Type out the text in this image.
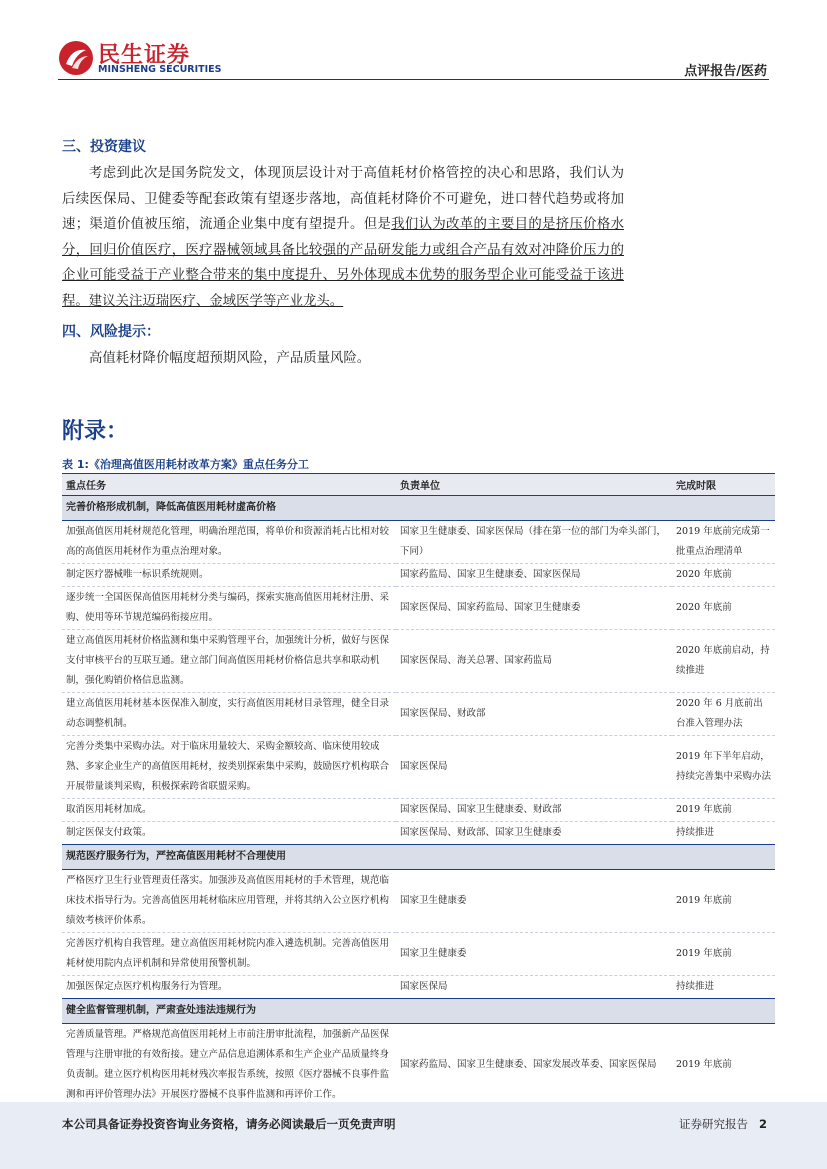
民生证券
MINSHENG SECURITIES	点评报告/医药
三、投资建议
考虑到此次是国务院发文，体现顶层设计对于高值耗材价格管控的决心和思路，我们认为后续医保局、卫健委等配套政策有望逐步落地，高值耗材降价不可避免，进口替代趋势或将加速；渠道价值被压缩，流通企业集中度有望提升。但是我们认为改革的主要目的是挤压价格水分，回归价值医疗，医疗器械领域具备比较强的产品研发能力或组合产品有效对冲降价压力的企业可能受益于产业整合带来的集中度提升、另外体现成本优势的服务型企业可能受益于该进程。建议关注迈瑞医疗、金域医学等产业龙头。
四、风险提示：
高值耗材降价幅度超预期风险，产品质量风险。
附录：
表 1:《治理高值医用耗材改革方案》重点任务分工
重点任务	负责单位	完成时限
完善价格形成机制，降低高值医用耗材虚高价格		
加强高值医用耗材规范化管理，明确治理范围，将单价和资源消耗占比相对较高的高值医用耗材作为重点治理对象。	国家卫生健康委、国家医保局（排在第一位的部门为牵头部门，下同）	2019 年底前完成第一批重点治理清单
制定医疗器械唯一标识系统规则。	国家药监局、国家卫生健康委、国家医保局	2020 年底前
逐步统一全国医保高值医用耗材分类与编码，探索实施高值医用耗材注册、采购、使用等环节规范编码衔接应用。	国家医保局、国家药监局、国家卫生健康委	2020 年底前
建立高值医用耗材价格监测和集中采购管理平台，加强统计分析，做好与医保支付审核平台的互联互通。建立部门间高值医用耗材价格信息共享和联动机制，强化购销价格信息监测。	国家医保局、海关总署、国家药监局	2020 年底前启动，持续推进
建立高值医用耗材基本医保准入制度，实行高值医用耗材目录管理，健全目录动态调整机制。	国家医保局、财政部	2020 年 6 月底前出台准入管理办法
完善分类集中采购办法。对于临床用量较大、采购金额较高、临床使用较成熟、多家企业生产的高值医用耗材，按类别探索集中采购，鼓励医疗机构联合开展带量谈判采购，积极探索跨省联盟采购。	国家医保局	2019 年下半年启动，持续完善集中采购办法
取消医用耗材加成。	国家医保局、国家卫生健康委、财政部	2019 年底前
制定医保支付政策。	国家医保局、财政部、国家卫生健康委	持续推进
规范医疗服务行为，严控高值医用耗材不合理使用		
严格医疗卫生行业管理责任落实。加强涉及高值医用耗材的手术管理，规范临床技术指导行为。完善高值医用耗材临床应用管理，并将其纳入公立医疗机构绩效考核评价体系。	国家卫生健康委	2019 年底前
完善医疗机构自我管理。建立高值医用耗材院内准入遴选机制。完善高值医用耗材使用院内点评机制和异常使用预警机制。	国家卫生健康委	2019 年底前
加强医保定点医疗机构服务行为管理。	国家医保局	持续推进
健全监督管理机制，严肃查处违法违规行为		
完善质量管理。严格规范高值医用耗材上市前注册审批流程，加强新产品医保管理与注册审批的有效衔接。建立产品信息追溯体系和生产企业产品质量终身负责制。建立医疗机构医用耗材残次率报告系统，按照《医疗器械不良事件监测和再评价管理办法》开展医疗器械不良事件监测和再评价工作。	国家药监局、国家卫生健康委、国家发展改革委、国家医保局	2019 年底前
本公司具备证券投资咨询业务资格，请务必阅读最后一页免责声明	证券研究报告 2
